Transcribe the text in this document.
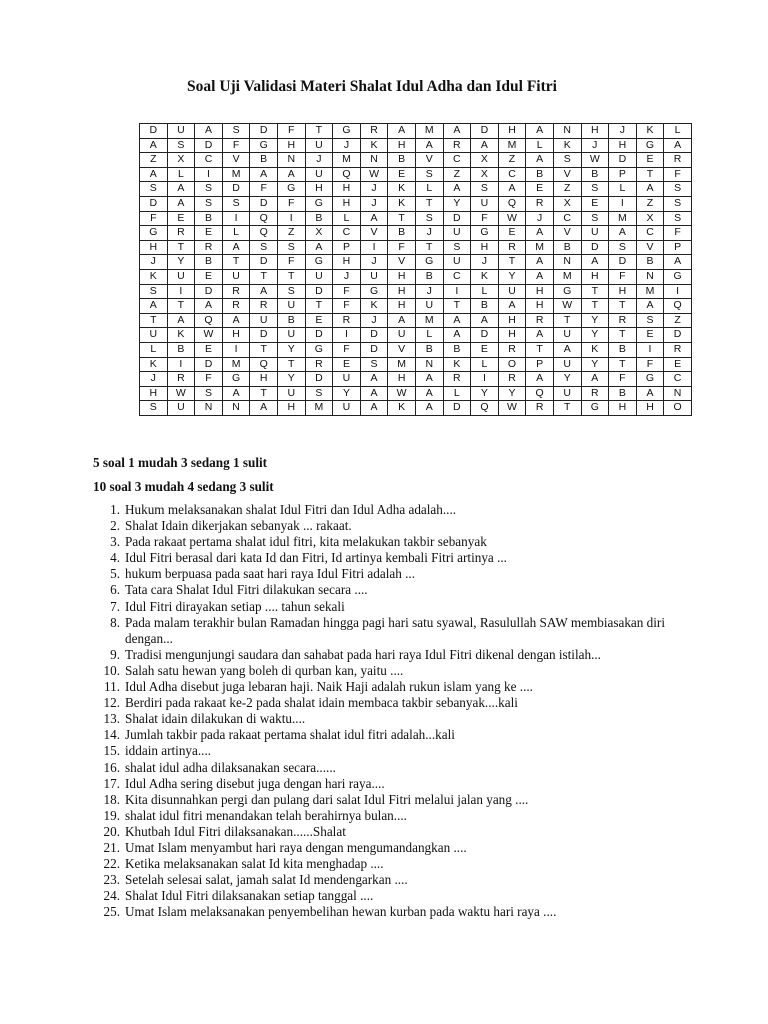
Soal Uji Validasi Materi Shalat Idul Adha dan Idul Fitri
D	U	A	S	D	F	T	G	R	A	M	A	D	H	A	N	H	J	K	L
A	S	D	F	G	H	U	J	K	H	A	R	A	M	L	K	J	H	G	A
Z	X	C	V	B	N	J	M	N	B	V	C	X	Z	A	S	W	D	E	R
A	L	I	M	A	A	U	Q	W	E	S	Z	X	C	B	V	B	P	T	F
S	A	S	D	F	G	H	H	J	K	L	A	S	A	E	Z	S	L	A	S
D	A	S	S	D	F	G	H	J	K	T	Y	U	Q	R	X	E	I	Z	S
F	E	B	I	Q	I	B	L	A	T	S	D	F	W	J	C	S	M	X	S
G	R	E	L	Q	Z	X	C	V	B	J	U	G	E	A	V	U	A	C	F
H	T	R	A	S	S	A	P	I	F	T	S	H	R	M	B	D	S	V	P
J	Y	B	T	D	F	G	H	J	V	G	U	J	T	A	N	A	D	B	A
K	U	E	U	T	T	U	J	U	H	B	C	K	Y	A	M	H	F	N	G
S	I	D	R	A	S	D	F	G	H	J	I	L	U	H	G	T	H	M	I
A	T	A	R	R	U	T	F	K	H	U	T	B	A	H	W	T	T	A	Q
T	A	Q	A	U	B	E	R	J	A	M	A	A	H	R	T	Y	R	S	Z
U	K	W	H	D	U	D	I	D	U	L	A	D	H	A	U	Y	T	E	D
L	B	E	I	T	Y	G	F	D	V	B	B	E	R	T	A	K	B	I	R
K	I	D	M	Q	T	R	E	S	M	N	K	L	O	P	U	Y	T	F	E
J	R	F	G	H	Y	D	U	A	H	A	R	I	R	A	Y	A	F	G	C
H	W	S	A	T	U	S	Y	A	W	A	L	Y	Y	Q	U	R	B	A	N
S	U	N	N	A	H	M	U	A	K	A	D	Q	W	R	T	G	H	H	O
5 soal 1 mudah 3 sedang 1 sulit
10 soal 3 mudah 4 sedang 3 sulit
1. Hukum melaksanakan shalat Idul Fitri dan Idul Adha adalah....
2. Shalat Idain dikerjakan sebanyak ... rakaat.
3. Pada rakaat pertama shalat idul fitri, kita melakukan takbir sebanyak
4. Idul Fitri berasal dari kata Id dan Fitri, Id artinya kembali Fitri artinya ...
5. hukum berpuasa pada saat hari raya Idul Fitri adalah ...
6. Tata cara Shalat Idul Fitri dilakukan secara ....
7. Idul Fitri dirayakan setiap .... tahun sekali
8. Pada malam terakhir bulan Ramadan hingga pagi hari satu syawal, Rasulullah SAW membiasakan diri dengan...
9. Tradisi mengunjungi saudara dan sahabat pada hari raya Idul Fitri dikenal dengan istilah...
10. Salah satu hewan yang boleh di qurban kan, yaitu ....
11. Idul Adha disebut juga lebaran haji. Naik Haji adalah rukun islam yang ke ....
12. Berdiri pada rakaat ke-2 pada shalat idain membaca takbir sebanyak....kali
13. Shalat idain dilakukan di waktu....
14. Jumlah takbir pada rakaat pertama shalat idul fitri adalah...kali
15. iddain artinya....
16. shalat idul adha dilaksanakan secara......
17. Idul Adha sering disebut juga dengan hari raya....
18. Kita disunnahkan pergi dan pulang dari salat Idul Fitri melalui jalan yang ....
19. shalat idul fitri menandakan telah berahirnya bulan....
20. Khutbah Idul Fitri dilaksanakan......Shalat
21. Umat Islam menyambut hari raya dengan mengumandangkan ....
22. Ketika melaksanakan salat Id kita menghadap ....
23. Setelah selesai salat, jamah salat Id mendengarkan ....
24. Shalat Idul Fitri dilaksanakan setiap tanggal ....
25. Umat Islam melaksanakan penyembelihan hewan kurban pada waktu hari raya ....
